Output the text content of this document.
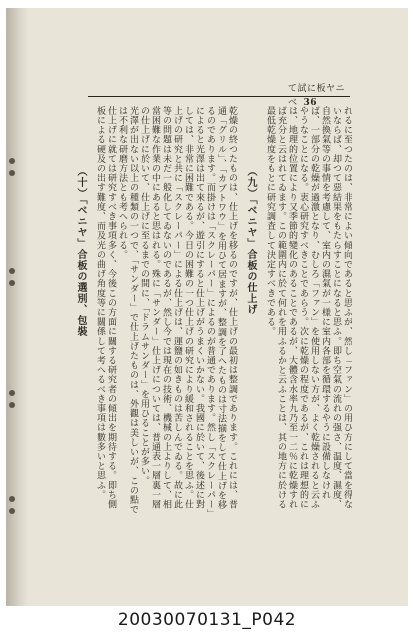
て試に板ヤニベ 36

れるに至つたのは、非常によい傾向であると思ふが、然し「ファン」の用ひ方にして當を得ないならば、却つて惡結果をもたらすことになると思ふ。即ち空氣の流れの强さ、温度、濕度、自然換氣等の事情を考慮して、室内の濕氣が一様に室内各部を循環するやうに設備しなければ、一部分の乾燥が過激となり、むしろ「ファン」を使用しない方が、よく乾燥されると云ふやうなことになる。衷心研究すべきことであらう。次に乾燥の程度であるが、これは理想的には、地理的位置により又季節的變化のあることであるが、大體含水率九乃至一二％に乾燥すれば充分と云はれてゐます。この範圍内に於て何れを用ふるかと云ふことは、其の地方に於ける最低乾燥度をもとに研究調査して決定すべきである。

（九）「ベニヤ」合板の仕上げ

乾燥の終つたものは、仕上げを移るのですが、仕上げの最初は整調であります。これには、普通「グリル」、「カブトワウ」を用ひて居ますが、整調を了へたものは寸法揃をして仕上げを移るのであります。而掛けは「スクレーパー」によるのが普通であります。然し「スクレーパー」によると光澤は出て來るが、遊引にすると仕上げがうまくいかない。我國に於いて、後述に對しては、非常に困難である。今日の困難の一つ仕上げの研究により緩和されることを思ふ。仕上げの研究と共に「スクレーパー」による仕上げは、運鹽の如きものは苦しんでゐる。故に此等の問題は未だ一般化してゐないのであるが、然し今では現在の技術、機械の上よりして、相當困難な作業の中にあると思はれる。殊に「サンダー」仕上げについては、普通表一層裏一層の仕上げに於いて、仕上げに至るまでの間に、「ドラムサンダー」を用ひることが多い。

光澤が出ない以上の種類の一つで、「サンダー」で仕上げたものは、外觀は美しいが、この點では不利な研磨方法とも考へられる。

仕上げに就ては研究すべき事項多く、今後この方面に關する研究者の傾出を期待する。即ち側板による硬及の出す難度、而及光の曲げ角度等に關係して考へるべき事項は數多いと思ふ。

（十）「ベニヤ」合板の選別、包裝

20030070131_P042
